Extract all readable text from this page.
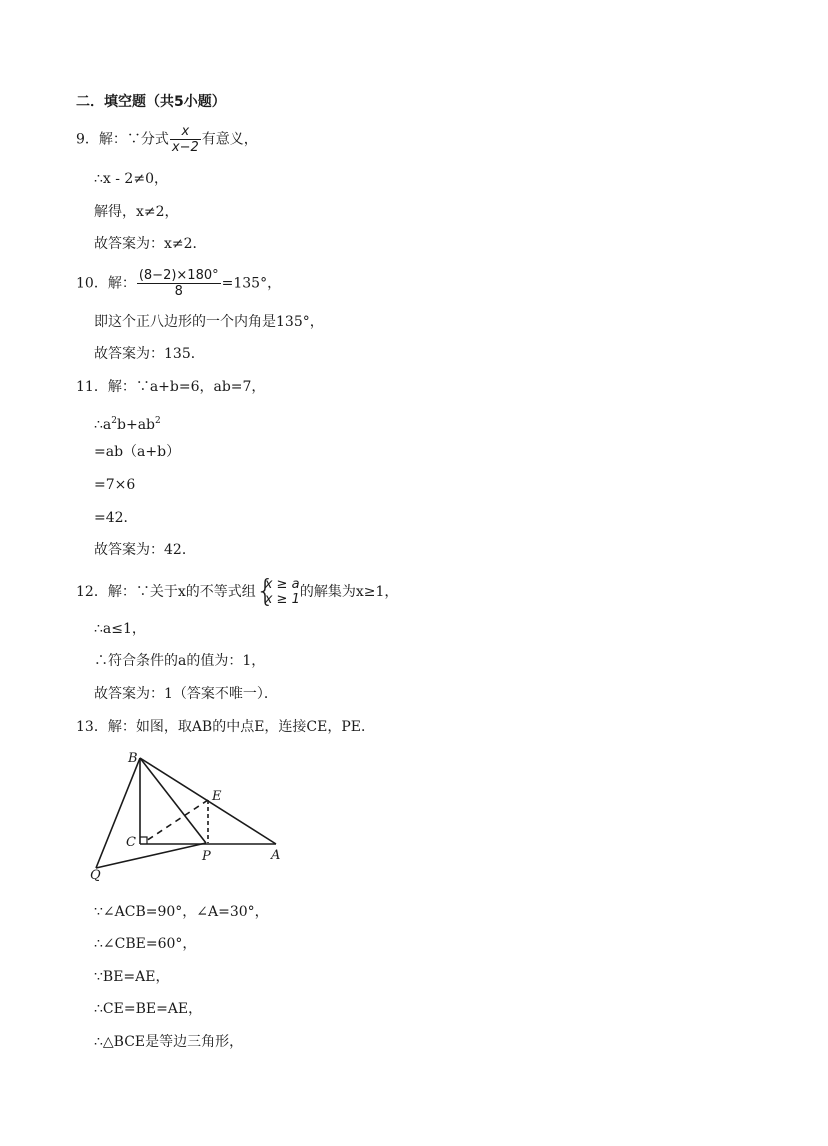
二．填空题（共5小题）
9．解：∵分式 $\frac{x}{x-2}$ 有意义，
∴x - 2≠0，
解得，x≠2，
故答案为：x≠2．
10．解： $\frac{(8-2)\times 180^\circ}{8} =135^\circ$，
即这个正八边形的一个内角是135°，
故答案为：135．
11．解：∵a+b=6，ab=7，
$\therefore a^2b+ab^2$
=ab（a+b）
=7×6
=42．
故答案为：42．
12．解：∵关于x的不等式组 {
x ≥ a
x ≥ 1 的解集为x≥1，
∴a≤1，
∴符合条件的a的值为：1，
故答案为：1（答案不唯一）．
13．解：如图，取AB的中点E，连接CE，PE．
B
E
C
P	A
Q
∵∠ACB=90°，∠A=30°，
∴∠CBE=60°，
∵BE=AE，
∴CE=BE=AE，
∴△BCE是等边三角形，
